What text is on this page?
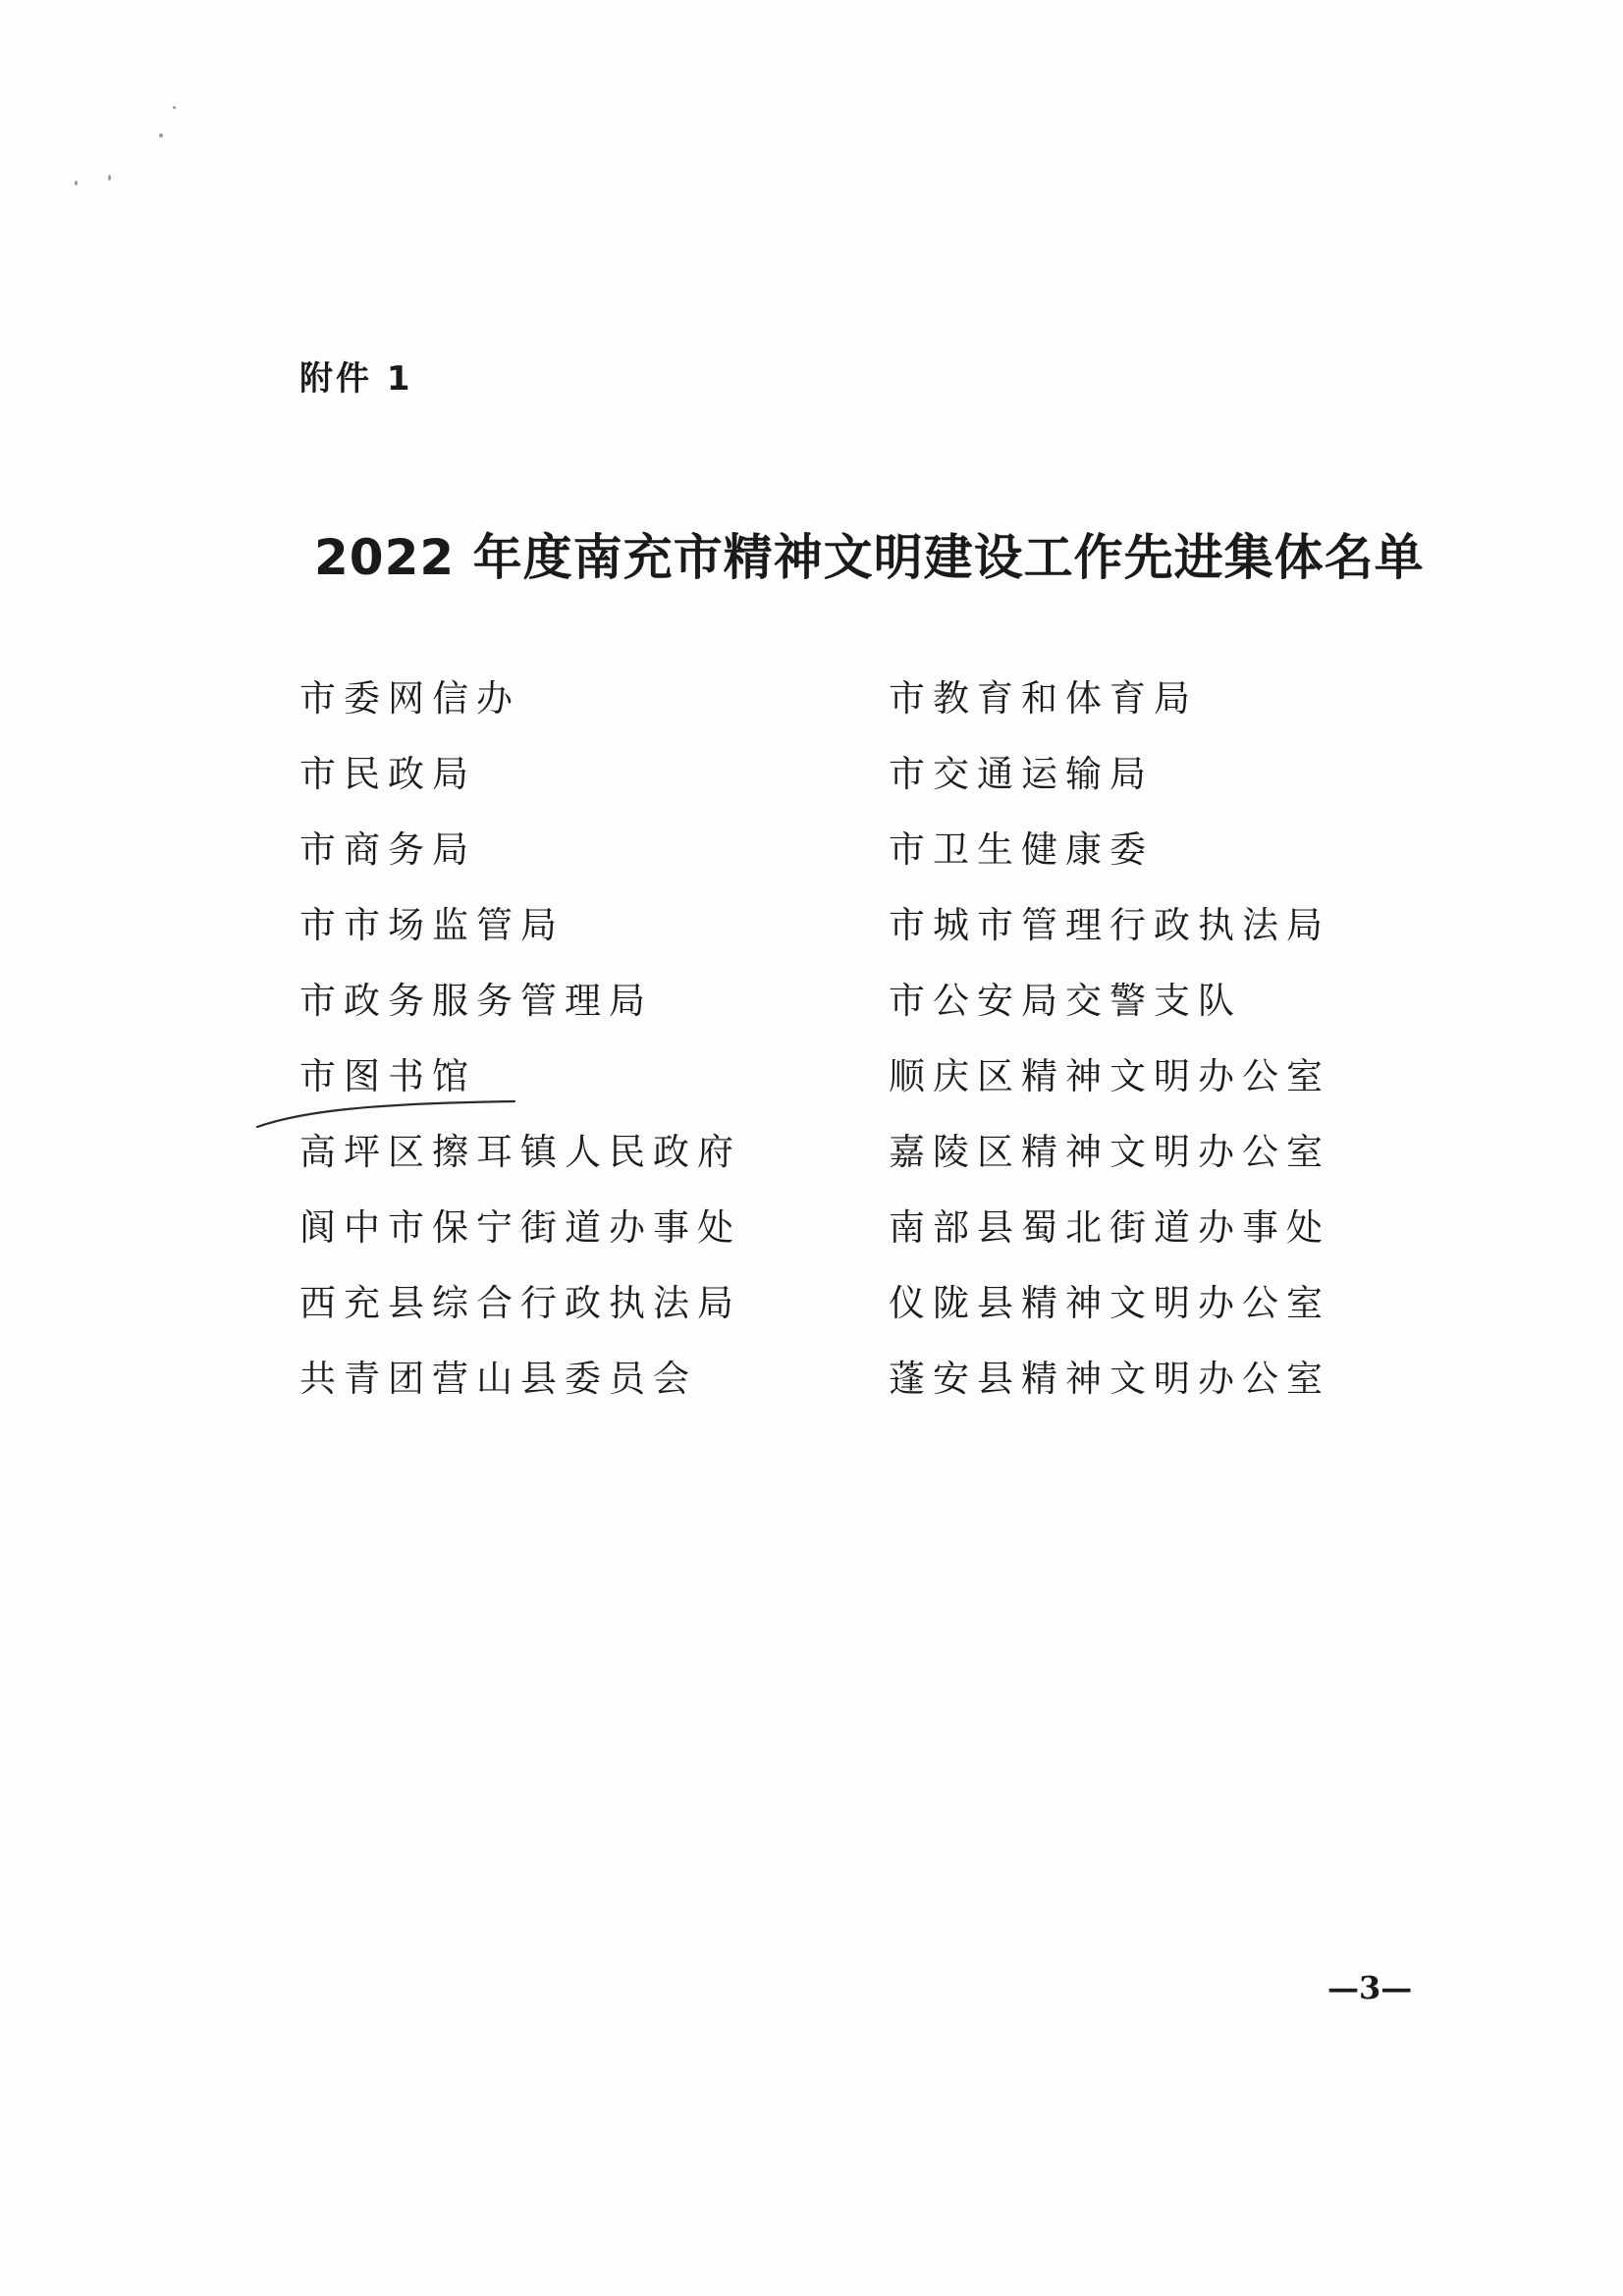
附件 1
2022 年度南充市精神文明建设工作先进集体名单
市委网信办
市民政局
市商务局
市市场监管局
市政务服务管理局
市图书馆
高坪区擦耳镇人民政府
阆中市保宁街道办事处
西充县综合行政执法局
共青团营山县委员会
市教育和体育局
市交通运输局
市卫生健康委
市城市管理行政执法局
市公安局交警支队
顺庆区精神文明办公室
嘉陵区精神文明办公室
南部县蜀北街道办事处
仪陇县精神文明办公室
蓬安县精神文明办公室
—3—
